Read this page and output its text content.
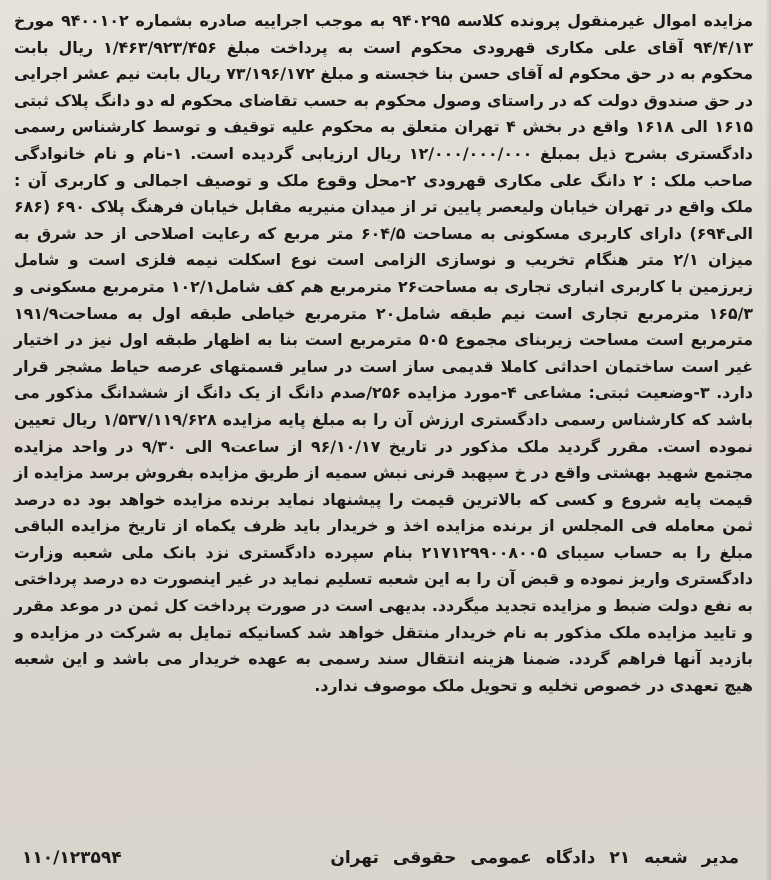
مزایده اموال غیرمنقول پرونده کلاسه ۹۴۰۲۹۵ به موجب اجراییه صادره بشماره ۹۴۰۰۱۰۲ مورخ ۹۴/۴/۱۳ آقای علی مکاری قهرودی محکوم است به پرداخت مبلغ ۱/۴۶۳/۹۲۳/۴۵۶ ریال بابت محکوم به در حق محکوم له آقای حسن بنا خجسته و مبلغ ۷۳/۱۹۶/۱۷۲ ریال بابت نیم عشر اجرایی در حق صندوق دولت که در راستای وصول محکوم به حسب تقاضای محکوم له دو دانگ پلاک ثبتی ۱۶۱۵ الی ۱۶۱۸ واقع در بخش ۴ تهران متعلق به محکوم علیه توقیف و توسط کارشناس رسمی دادگستری بشرح ذیل بمبلغ ۱۲/۰۰۰/۰۰۰/۰۰۰ ریال ارزیابی گردیده است. ۱-نام و نام خانوادگی صاحب ملک : ۲ دانگ علی مکاری قهرودی ۲-محل وقوع ملک و توصیف اجمالی و کاربری آن : ملک واقع در تهران خیابان ولیعصر پایین تر از میدان منیریه مقابل خیابان فرهنگ پلاک ۶۹۰ (۶۸۶ الی۶۹۴) دارای کاربری مسکونی به مساحت ۶۰۴/۵ متر مربع که رعایت اصلاحی از حد شرق به میزان ۲/۱ متر هنگام تخریب و نوسازی الزامی است نوع اسکلت نیمه فلزی است و شامل زیرزمین با کاربری انباری تجاری به مساحت۲۶ مترمربع هم کف شامل۱۰۲/۱ مترمربع مسکونی و ۱۶۵/۳ مترمربع تجاری است نیم طبقه شامل۲۰ مترمربع خیاطی طبقه اول به مساحت۱۹۱/۹ مترمربع است مساحت زیربنای مجموع ۵۰۵ مترمربع است بنا به اظهار طبقه اول نیز در اختیار غیر است ساختمان احداثی کاملا قدیمی ساز است در سایر قسمتهای عرصه حیاط مشجر قرار دارد. ۳-وضعیت ثبتی: مشاعی ۴-مورد مزایده ۲۵۶/صدم دانگ از یک دانگ از ششدانگ مذکور می باشد که کارشناس رسمی دادگستری ارزش آن را به مبلغ پایه مزایده ۱/۵۳۷/۱۱۹/۶۲۸ ریال تعیین نموده است. مقرر گردید ملک مذکور در تاریخ ۹۶/۱۰/۱۷ از ساعت۹ الی ۹/۳۰ در واحد مزایده مجتمع شهید بهشتی واقع در خ سپهبد قرنی نبش سمیه از طریق مزایده بفروش برسد مزایده از قیمت پایه شروع و کسی که بالاترین قیمت را پیشنهاد نماید برنده مزایده خواهد بود ده درصد ثمن معامله فی المجلس از برنده مزایده اخذ و خریدار باید ظرف یکماه از تاریخ مزایده الباقی مبلغ را به حساب سیبای ۲۱۷۱۲۹۹۰۰۸۰۰۵ بنام سپرده دادگستری نزد بانک ملی شعبه وزارت دادگستری واریز نموده و قبض آن را به این شعبه تسلیم نماید در غیر اینصورت ده درصد پرداختی به نفع دولت ضبط و مزایده تجدید میگردد. بدیهی است در صورت پرداخت کل ثمن در موعد مقرر و تایید مزایده ملک مذکور به نام خریدار منتقل خواهد شد کسانیکه تمایل به شرکت در مزایده و بازدید آنها فراهم گردد. ضمنا هزینه انتقال سند رسمی به عهده خریدار می باشد و این شعبه هیچ تعهدی در خصوص تخلیه و تحویل ملک موصوف ندارد.

مدیر
شعبه
۲۱
دادگاه
عمومی
حقوقی
تهران
۱۱۰/۱۲۳۵۹۴
